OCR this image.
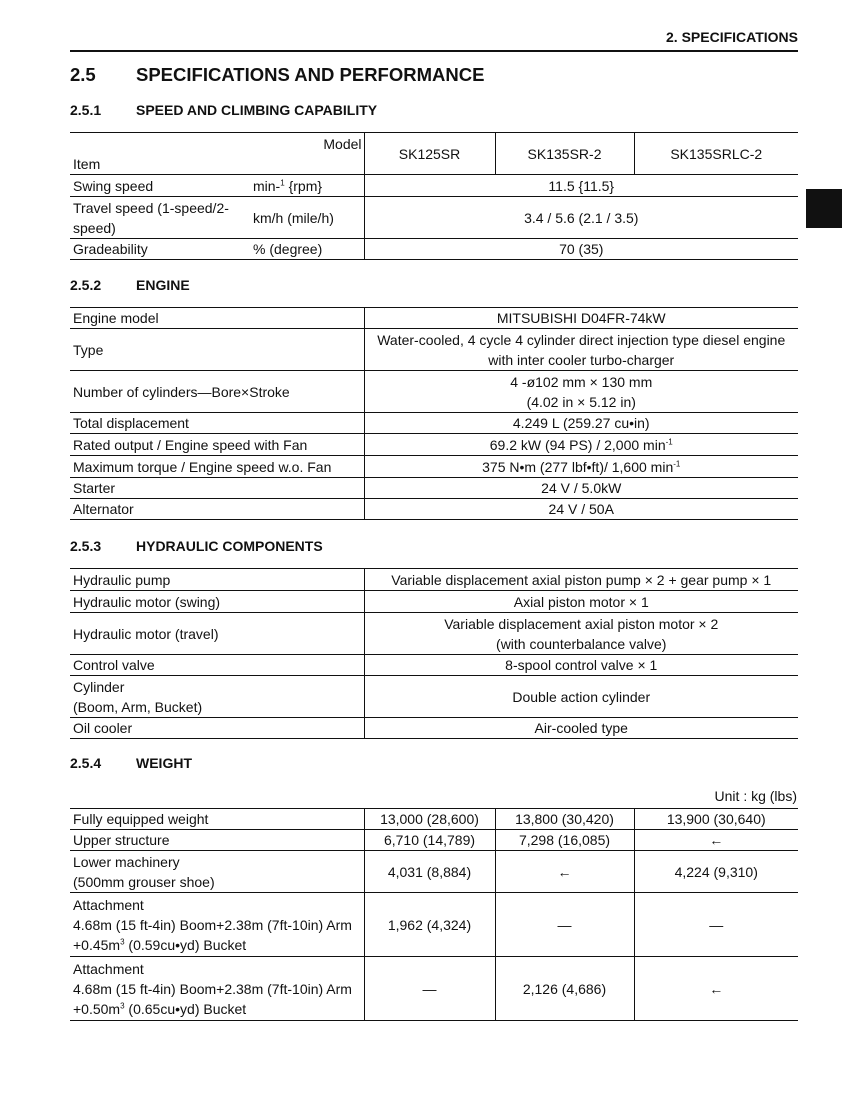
2. SPECIFICATIONS
2.5 SPECIFICATIONS AND PERFORMANCE
2.5.1 SPEED AND CLIMBING CAPABILITY
Model
Item		SK125SR	SK135SR-2	SK135SRLC-2
Swing speed	min-$^1$ {rpm}	11.5 {11.5}		
Travel speed (1-speed/2-speed)	km/h (mile/h)	3.4 / 5.6 (2.1 / 3.5)		
Gradeability	% (degree)	70 (35)		
2.5.2 ENGINE
Engine model	MITSUBISHI D04FR-74kW
Type	Water-cooled, 4 cycle 4 cylinder direct injection type diesel engine
with inter cooler turbo-charger

Number of cylinders—Bore×Stroke	4 -ø102 mm × 130 mm
(4.02 in × 5.12 in)

Total displacement	4.249 L (259.27 cu•in)
Rated output / Engine speed with Fan	69.2 kW (94 PS) / 2,000 $\min^{-1}$
Maximum torque / Engine speed w.o. Fan	375 N•m (277 lbf•ft)/ 1,600 $\min^{-1}$
Starter	24 V / 5.0kW
Alternator	24 V / 50A
2.5.3 HYDRAULIC COMPONENTS
Hydraulic pump	Variable displacement axial piston pump × 2 + gear pump × 1
Hydraulic motor (swing)	Axial piston motor × 1
Hydraulic motor (travel)	Variable displacement axial piston motor × 2
(with counterbalance valve)

Control valve	8-spool control valve × 1

Cylinder
(Boom, Arm, Bucket)	Double action cylinder
Oil cooler	Air-cooled type
2.5.4 WEIGHT
Unit : kg (lbs)
Fully equipped weight	13,000 (28,600)	13,800 (30,420)	13,900 (30,640)
Upper structure	6,710 (14,789)	7,298 (16,085)	←

Lower machinery
(500mm grouser shoe)	4,031 (8,884)	←	4,224 (9,310)

Attachment
4.68m (15 ft-4in) Boom+2.38m (7ft-10in) Arm
$+0.45m^3$ (0.59cu•yd) Bucket	1,962 (4,324)	—	—

Attachment
4.68m (15 ft-4in) Boom+2.38m (7ft-10in) Arm
$+0.50m^3$ (0.65cu•yd) Bucket	—	2,126 (4,686)	←
